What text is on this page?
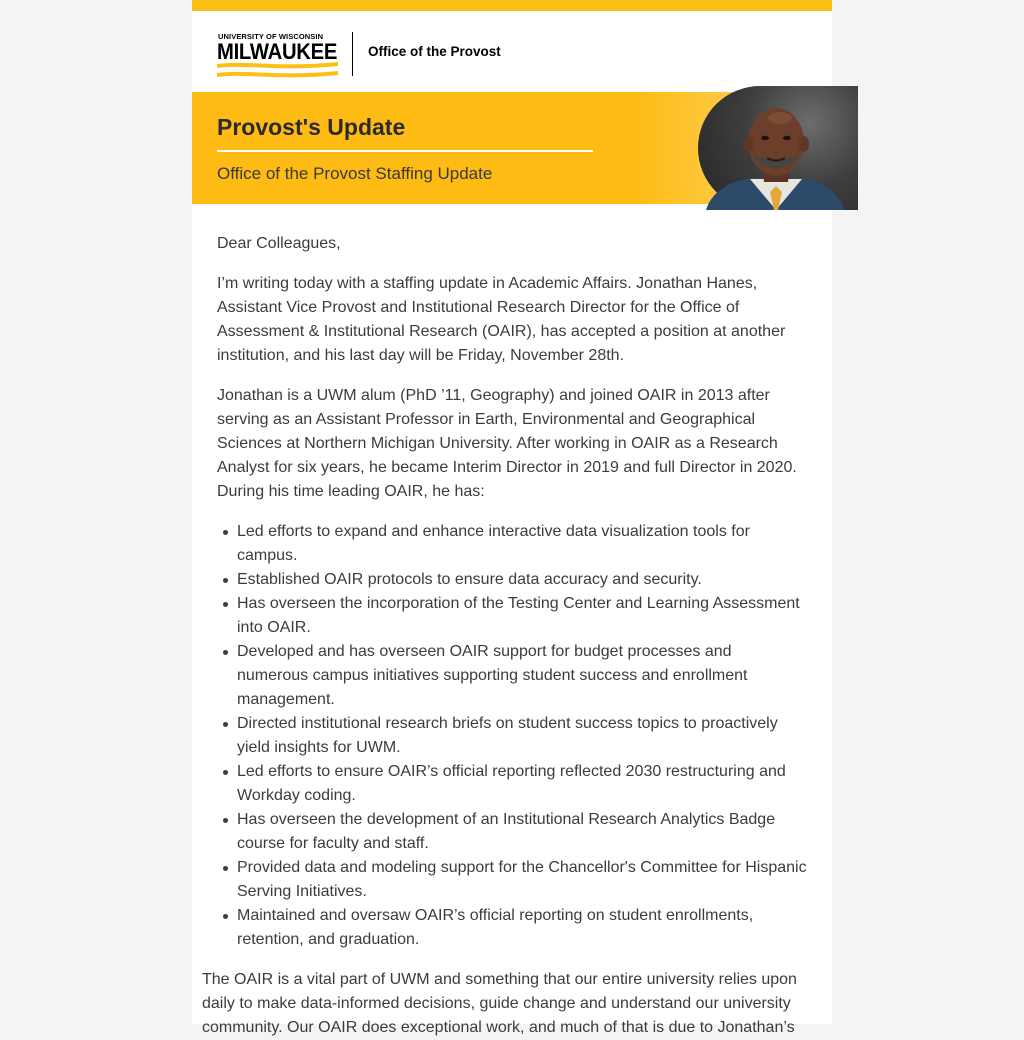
UNIVERSITY OF WISCONSIN
MILWAUKEE Office of the Provost
Provost's Update
Office of the Provost Staffing Update

Dear Colleagues,

I’m writing today with a staffing update in Academic Affairs. Jonathan Hanes, Assistant Vice Provost and Institutional Research Director for the Office of Assessment & Institutional Research (OAIR), has accepted a position at another institution, and his last day will be Friday, November 28th.

Jonathan is a UWM alum (PhD ’11, Geography) and joined OAIR in 2013 after serving as an Assistant Professor in Earth, Environmental and Geographical Sciences at Northern Michigan University. After working in OAIR as a Research Analyst for six years, he became Interim Director in 2019 and full Director in 2020. During his time leading OAIR, he has:

Led efforts to expand and enhance interactive data visualization tools for campus.
Established OAIR protocols to ensure data accuracy and security.
Has overseen the incorporation of the Testing Center and Learning Assessment into OAIR.
Developed and has overseen OAIR support for budget processes and numerous campus initiatives supporting student success and enrollment management.
Directed institutional research briefs on student success topics to proactively yield insights for UWM.
Led efforts to ensure OAIR’s official reporting reflected 2030 restructuring and Workday coding.
Has overseen the development of an Institutional Research Analytics Badge course for faculty and staff.
Provided data and modeling support for the Chancellor's Committee for Hispanic Serving Initiatives.
Maintained and oversaw OAIR’s official reporting on student enrollments, retention, and graduation.

The OAIR is a vital part of UWM and something that our entire university relies upon daily to make data-informed decisions, guide change and understand our university community. Our OAIR does exceptional work, and much of that is due to Jonathan’s
